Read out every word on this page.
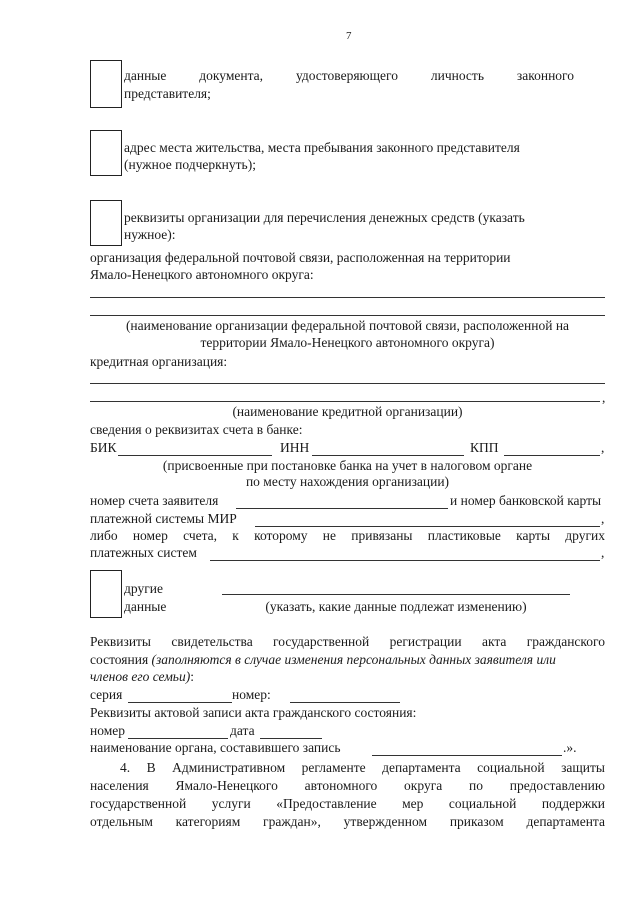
7
данные документа, удостоверяющего личность законного
представителя;
адрес места жительства, места пребывания законного представителя
(нужное подчеркнуть);
реквизиты организации для перечисления денежных средств (указать
нужное):
организация федеральной почтовой связи, расположенная на территории
Ямало-Ненецкого автономного округа:
(наименование организации федеральной почтовой связи, расположенной на
территории Ямало-Ненецкого автономного округа)
кредитная организация:
,
(наименование кредитной организации)
сведения о реквизитах счета в банке:
БИК	ИНН	КПП	,
(присвоенные при постановке банка на учет в налоговом органе
по месту нахождения организации)
номер счета заявителя	и номер банковской карты
платежной системы МИР	,
либо номер счета, к которому не привязаны пластиковые карты других
платежных систем	,
другие
данные	(указать, какие данные подлежат изменению)
Реквизиты свидетельства государственной регистрации акта гражданского
состояния (заполняются в случае изменения персональных данных заявителя или
членов его семьи):
серия	номер:
Реквизиты актовой записи акта гражданского состояния:
номер	дата
наименование органа, составившего запись	.».
4. В Административном регламенте департамента социальной защиты
населения Ямало-Ненецкого автономного округа по предоставлению
государственной услуги «Предоставление мер социальной поддержки
отдельным категориям граждан», утвержденном приказом департамента
